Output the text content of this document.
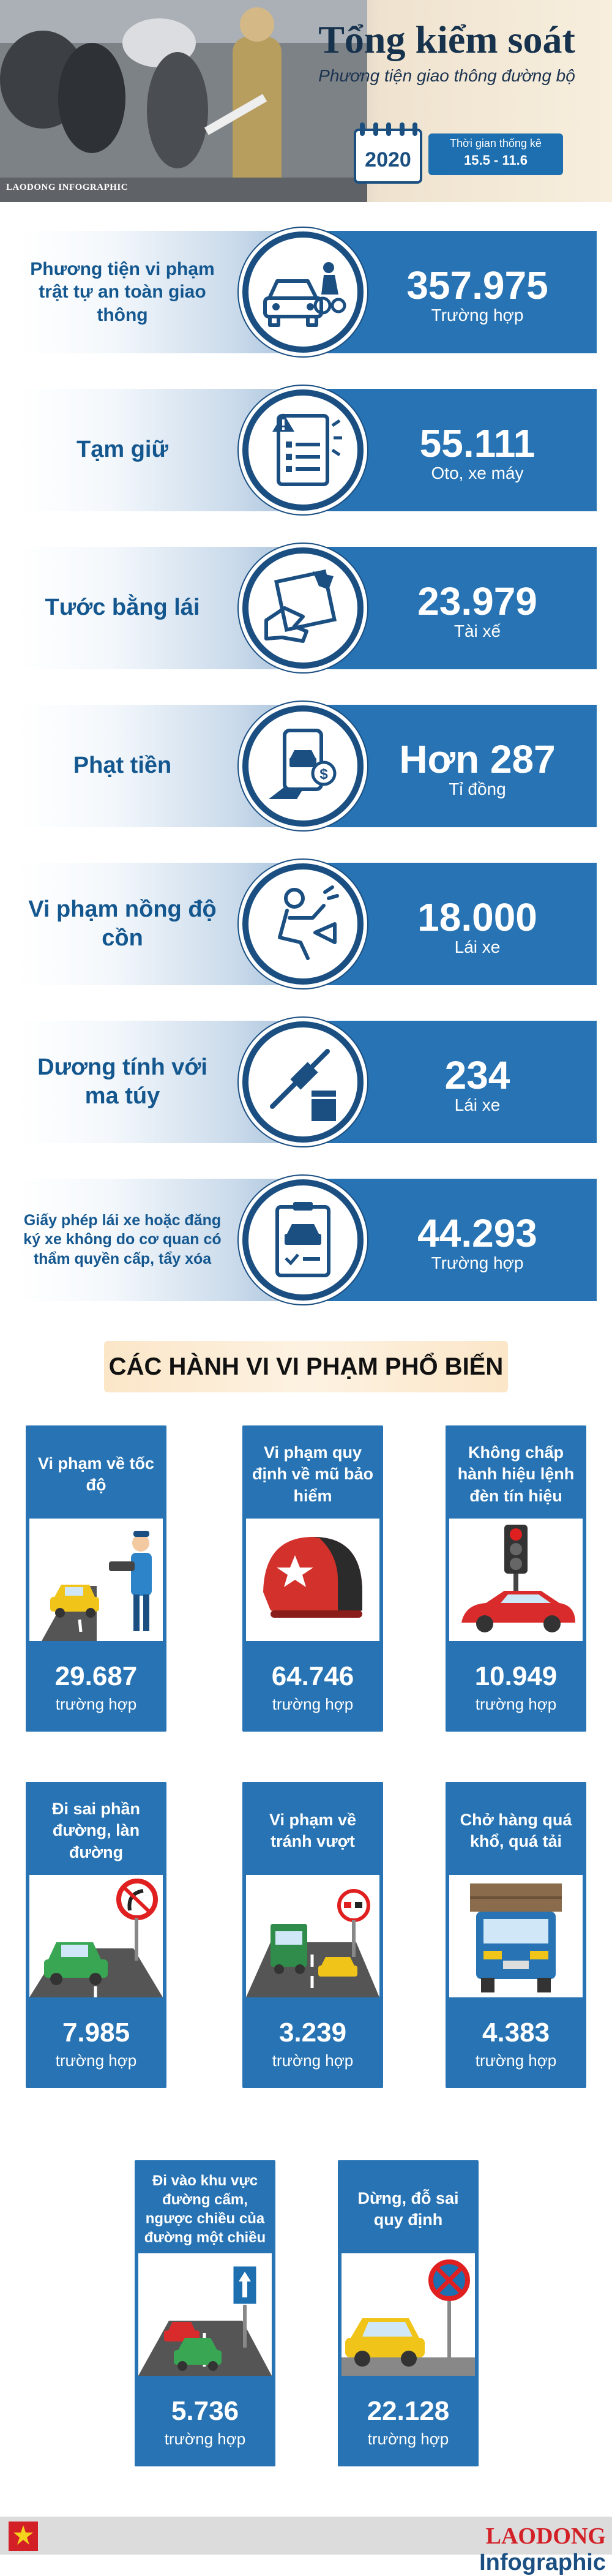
LAODONG INFOGRAPHIC
Tổng kiểm soát
Phương tiện giao thông đường bộ
2020
Thời gian thống kê
15.5 - 11.6
Phương tiện vi phạm trật tự an toàn giao thông
357.975
Trường hợp
Tạm giữ	55.111
Oto, xe máy
Tước bằng lái	23.979
Tài xế
Phạt tiền	Hơn 287
Tỉ đồng
$
Vi phạm nồng độ cồn	18.000
Lái xe
Dương tính với ma túy	234
Lái xe
Giấy phép lái xe hoặc đăng ký xe không do cơ quan có thẩm quyền cấp, tẩy xóa
44.293
Trường hợp
CÁC HÀNH VI VI PHẠM PHỔ BIẾN
Vi phạm về tốc độ
29.687
trường hợp
Vi phạm quy định về mũ bảo hiểm
64.746
trường hợp
Không chấp hành hiệu lệnh đèn tín hiệu
10.949
trường hợp
Đi sai phần đường, làn đường
7.985
trường hợp
Vi phạm về tránh vượt
3.239
trường hợp
Chở hàng quá khổ, quá tải
4.383
trường hợp
Đi vào khu vực đường cấm, ngược chiều của đường một chiều
5.736
trường hợp
Dừng, đỗ sai quy định
22.128
trường hợp
LAODONG Infographic
